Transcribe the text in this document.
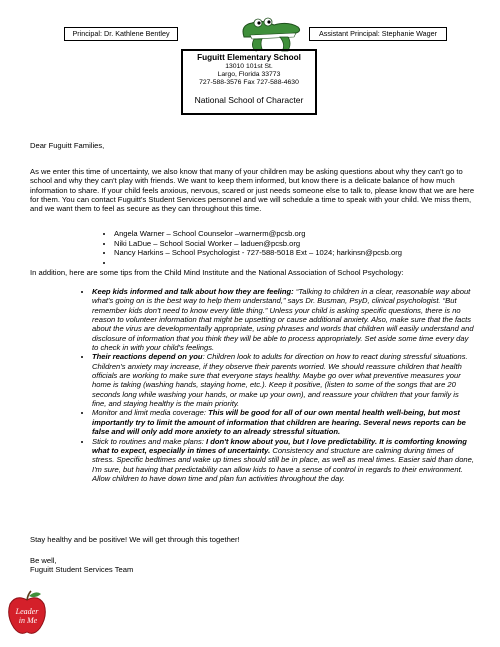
Principal: Dr. Kathlene Bentley	Assistant Principal: Stephanie Wager
Fuguitt Elementary School
13010 101st St.
Largo, Florida 33773
727-588-3576 Fax 727-588-4630
National School of Character

Dear Fuguitt Families,

As we enter this time of uncertainty, we also know that many of your children may be asking questions about why they can't go to school and why they can't play with friends. We want to keep them informed, but know there is a delicate balance of how much information to share. If your child feels anxious, nervous, scared or just needs someone else to talk to, please know that we are here for them. You can contact Fuguitt's Student Services personnel and we will schedule a time to speak with your child. We miss them, and we want them to feel as secure as they can throughout this time.

• Angela Warner – School Counselor –warnerm@pcsb.org
• Niki LaDue – School Social Worker – laduen@pcsb.org
• Nancy Harkins – School Psychologist - 727-588-5018 Ext – 1024; harkinsn@pcsb.org
•

In addition, here are some tips from the Child Mind Institute and the National Association of School Psychology:

• Keep kids informed and talk about how they are feeling: “Talking to children in a clear, reasonable way about what's going on is the best way to help them understand,” says Dr. Busman, PsyD, clinical psychologist. “But remember kids don't need to know every little thing.” Unless your child is asking specific questions, there is no reason to volunteer information that might be upsetting or cause additional anxiety. Also, make sure that the facts about the virus are developmentally appropriate, using phrases and words that children will easily understand and disclosure of information that you think they will be able to process appropriately. Set aside some time every day to check in with your child's feelings.
• Their reactions depend on you: Children look to adults for direction on how to react during stressful situations. Children's anxiety may increase, if they observe their parents worried. We should reassure children that health officials are working to make sure that everyone stays healthy. Maybe go over what preventive measures your home is taking (washing hands, staying home, etc.). Keep it positive, (listen to some of the songs that are 20 seconds long while washing your hands, or make up your own), and reassure your children that your family is fine, and staying healthy is the main priority.
• Monitor and limit media coverage: This will be good for all of our own mental health well-being, but most importantly try to limit the amount of information that children are hearing. Several news reports can be false and will only add more anxiety to an already stressful situation.
• Stick to routines and make plans: I don't know about you, but I love predictability. It is comforting knowing what to expect, especially in times of uncertainty. Consistency and structure are calming during times of stress. Specific bedtimes and wake up times should still be in place, as well as meal times. Easier said than done, I'm sure, but having that predictability can allow kids to have a sense of control in regards to their environment. Allow children to have down time and plan fun activities throughout the day.

Stay healthy and be positive! We will get through this together!

Be well,
Fuguitt Student Services Team
Leader
in Me
